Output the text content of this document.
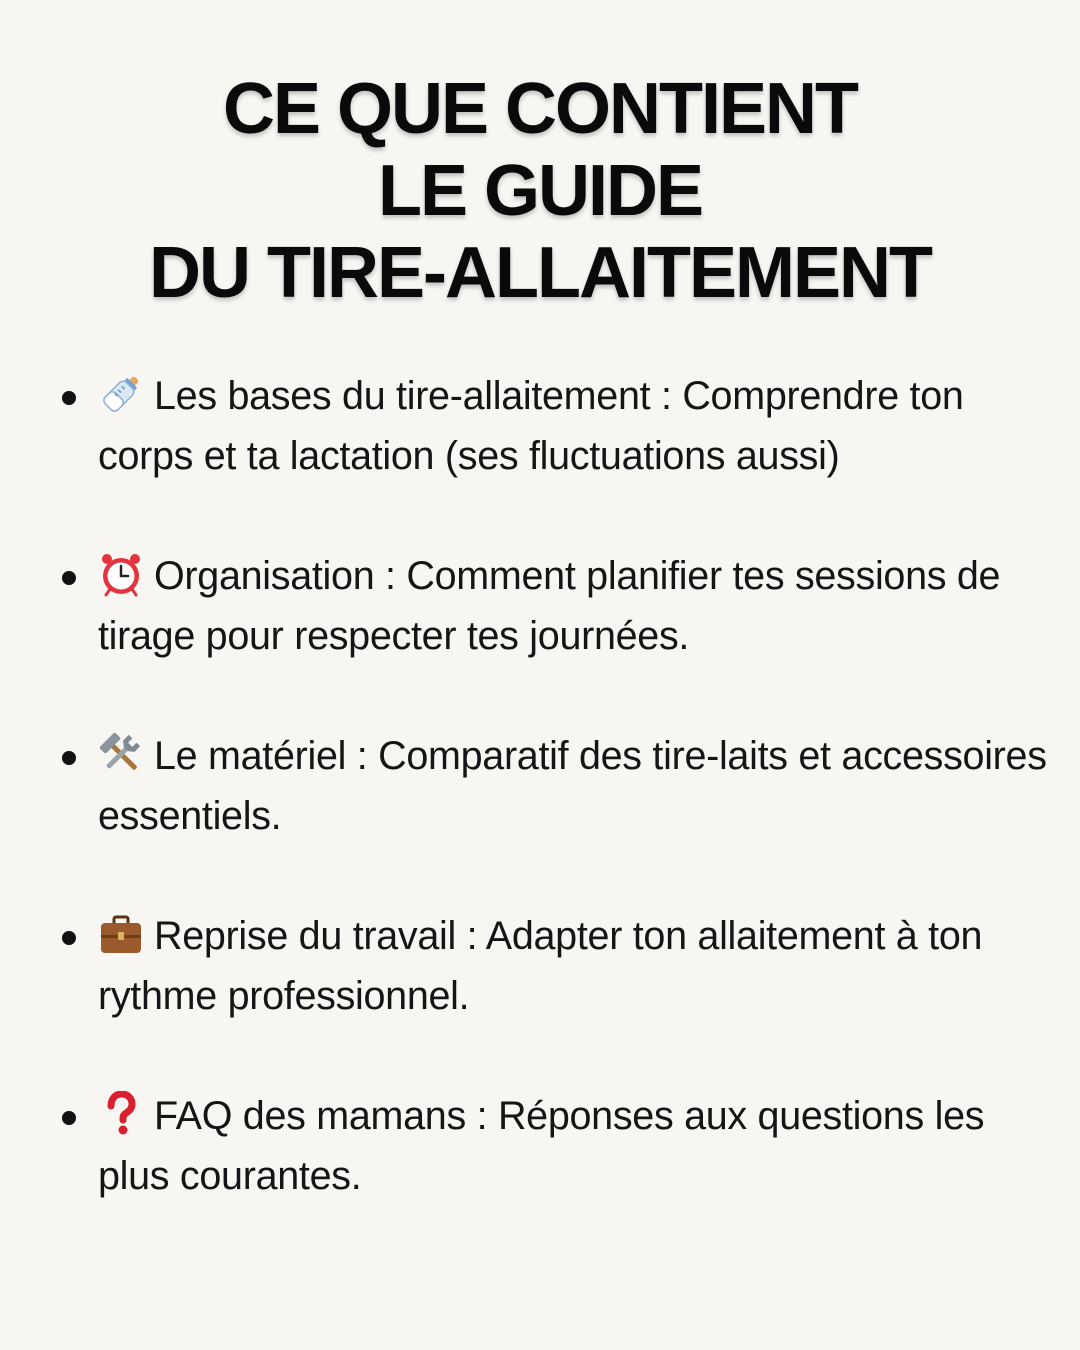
CE QUE CONTIENT
LE GUIDE
DU TIRE-ALLAITEMENT
Les bases du tire-allaitement : Comprendre ton corps et ta lactation (ses fluctuations aussi)
Organisation : Comment planifier tes sessions de tirage pour respecter tes journées.
Le matériel : Comparatif des tire-laits et accessoires essentiels.
Reprise du travail : Adapter ton allaitement à ton rythme professionnel.
FAQ des mamans : Réponses aux questions les plus courantes.
